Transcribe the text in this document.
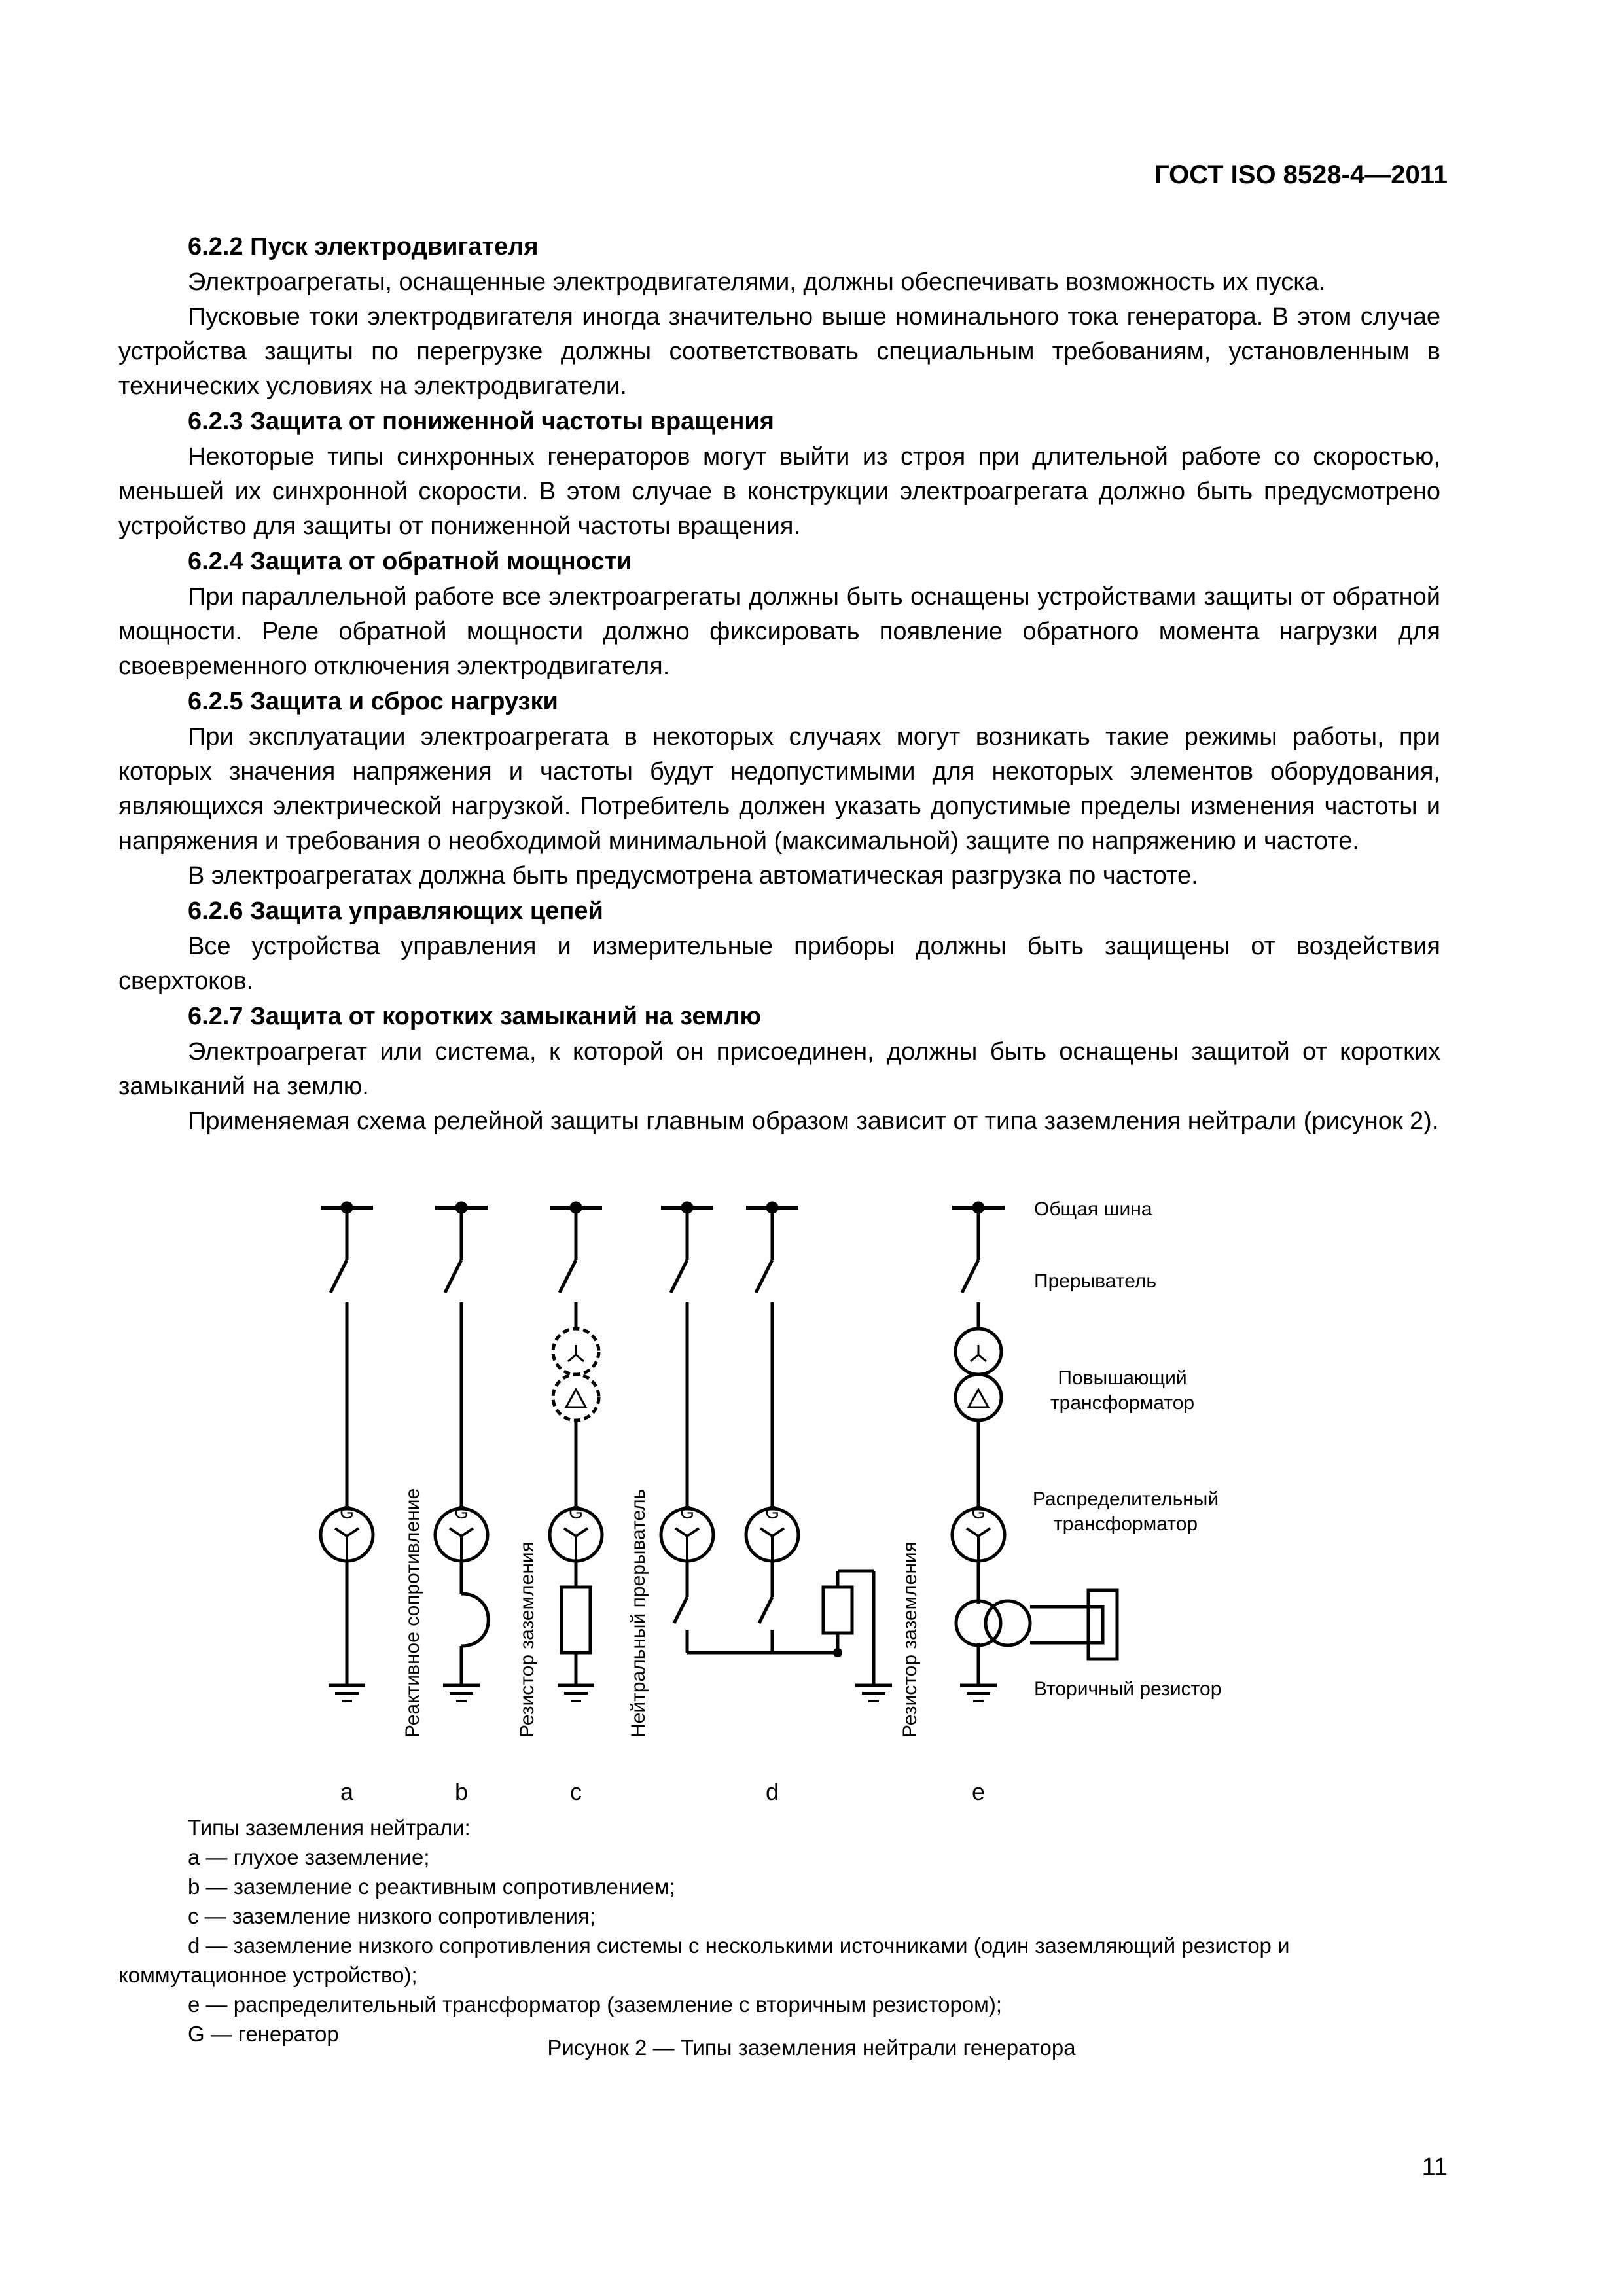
ГОСТ ISO 8528-4—2011

6.2.2 Пуск электродвигателя

Электроагрегаты, оснащенные электродвигателями, должны обеспечивать возможность их пуска.

Пусковые токи электродвигателя иногда значительно выше номинального тока генератора. В этом случае устройства защиты по перегрузке должны соответствовать специальным требованиям, установленным в технических условиях на электродвигатели.

6.2.3 Защита от пониженной частоты вращения

Некоторые типы синхронных генераторов могут выйти из строя при длительной работе со скоростью, меньшей их синхронной скорости. В этом случае в конструкции электроагрегата должно быть предусмотрено устройство для защиты от пониженной частоты вращения.

6.2.4 Защита от обратной мощности

При параллельной работе все электроагрегаты должны быть оснащены устройствами защиты от обратной мощности. Реле обратной мощности должно фиксировать появление обратного момента нагрузки для своевременного отключения электродвигателя.

6.2.5 Защита и сброс нагрузки

При эксплуатации электроагрегата в некоторых случаях могут возникать такие режимы работы, при которых значения напряжения и частоты будут недопустимыми для некоторых элементов оборудования, являющихся электрической нагрузкой. Потребитель должен указать допустимые пределы изменения частоты и напряжения и требования о необходимой минимальной (максимальной) защите по напряжению и частоте.

В электроагрегатах должна быть предусмотрена автоматическая разгрузка по частоте.

6.2.6 Защита управляющих цепей

Все устройства управления и измерительные приборы должны быть защищены от воздействия сверхтоков.

6.2.7 Защита от коротких замыканий на землю

Электроагрегат или система, к которой он присоединен, должны быть оснащены защитой от коротких замыканий на землю.

Применяемая схема релейной защиты главным образом зависит от типа заземления нейтрали (рисунок 2).

G	G
Реактивное сопротивление	G
Резистор заземления
G	G
Нейтральный прерыватель	Резистор заземления
G
Общая шина
Прерыватель
Повышающий
трансформатор
Распределительный
трансформатор
Вторичный резистор
a	b	c	d	e

Типы заземления нейтрали:

a — глухое заземление;

b — заземление с реактивным сопротивлением;

c — заземление низкого сопротивления;

d — заземление низкого сопротивления системы с несколькими источниками (один заземляющий резистор и коммутационное устройство);

e — распределительный трансформатор (заземление с вторичным резистором);

G — генератор

Рисунок 2 — Типы заземления нейтрали генератора
11
